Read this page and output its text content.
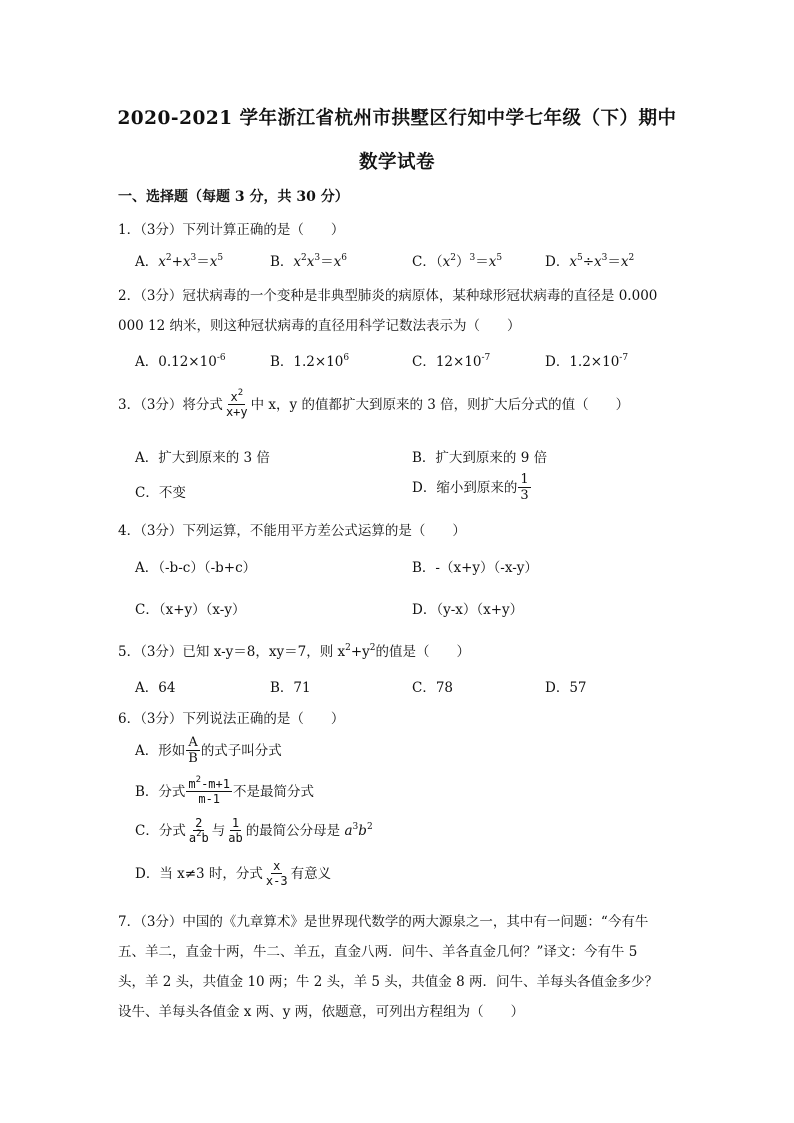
2020-2021 学年浙江省杭州市拱墅区行知中学七年级（下）期中
数学试卷
一、选择题（每题 3 分，共 30 分）
1．（3分）下列计算正确的是（　　）
A．$x^2+x^3=x^5$	B．$x^2x^3=x^6$	C．$(x^2)^3=x^5$	D．$x^5\div x^3=x^2$
2．（3分）冠状病毒的一个变种是非典型肺炎的病原体，某种球形冠状病毒的直径是 0.000
000 12 纳米，则这种冠状病毒的直径用科学记数法表示为（　　）
A．$0.12\times 10^{-6}$	B．$1.2\times 10^6$	C．$12\times 10^{-7}$	D．$1.2\times 10^{-7}$
3．（3分）将分式 $\frac{x^2}{x+y}$ 中 x，y 的值都扩大到原来的 3 倍，则扩大后分式的值（　　）
A．扩大到原来的 3 倍	B．扩大到原来的 9 倍
C．不变	D．缩小到原来的 $\frac{1}{3}$
4．（3分）下列运算，不能用平方差公式运算的是（　　）
A．（-b-c）（-b+c）	B．-（x+y）（-x-y）
C．（x+y）（x-y）	D．（y-x）（x+y）
5．（3分）已知 x-y＝8，xy＝7，则 $x^2+y^2$的值是（　　）
A．64	B．71	C．78	D．57
6．（3分）下列说法正确的是（　　）
A．形如 $\frac{A}{B}$ 的式子叫分式
B．分式 $\frac{m^2-m+1}{m-1}$ 不是最简分式
C．分式 $\frac{2}{a^2b}$ 与 $\frac{1}{ab}$ 的最简公分母是 $a^3b^2$
D．当 x≠3 时，分式 $\frac{x}{x-3}$ 有意义
7．（3分）中国的《九章算术》是世界现代数学的两大源泉之一，其中有一问题：“今有牛
五、羊二，直金十两，牛二、羊五，直金八两．问牛、羊各直金几何？”译文：今有牛 5
头，羊 2 头，共值金 10 两；牛 2 头，羊 5 头，共值金 8 两．问牛、羊每头各值金多少？
设牛、羊每头各值金 x 两、y 两，依题意，可列出方程组为（　　）
